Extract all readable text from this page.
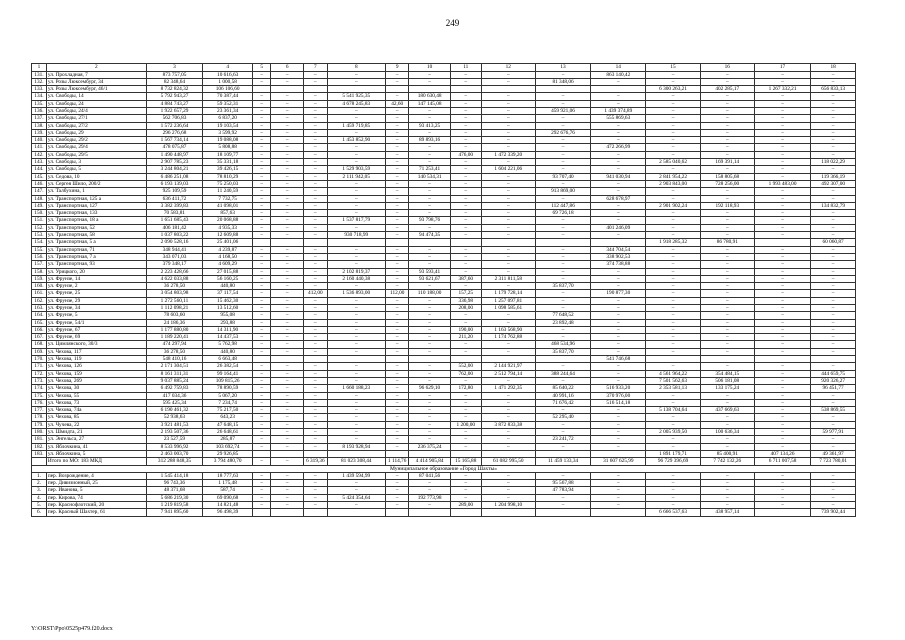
249
1	2	3	4	5	6	7	8	9	10	11	12	13	14	15	16	17	18
131.	ул. Прохладная, 7	873 757,05	10 616,63	–	–	–	–	–	–	–	–	–	863 140,42	–	–	–	–
132.	ул. Розы Люксембург, 34	82 348,64	1 000,58	–	–	–	–	–	–	–	–	81 348,06	–	–	–	–	–
133.	ул. Розы Люксембург, 46/1	8 732 824,32	106 106,60											6 300 263,21	402 285,17	1 267 332,21	656 833,13
134.	ул. Свободы, 14	5 792 943,27	70 387,44	–	–	–	5 541 925,35	–	180 630,48	–	–	–	–	–	–	–	–
135.	ул. Свободы, 24	4 884 743,27	59 352,31	–	–	–	4 678 245,83	42,60	147 145,08	–	–	–	–	–	–	–	–
136.	ул. Свободы, 24/4	1 922 657,29	23 361,34	–	–	–	–	–	–	–	–	459 921,06	1 439 374,89	–	–	–	–
137.	ул. Свободы, 27/1	562 706,83	6 837,20	–	–	–	–	–	–	–	–	–	555 869,63	–	–	–	–
138.	ул. Свободы, 27/2	1 572 236,64	19 103,54	–	–	–	1 459 719,85	–	93 413,25	–	–	–	–	–	–	–	–
139.	ул. Свободы, 29	296 276,68	3 599,92	–	–	–	–	–	–	–	–	292 676,76	–	–	–	–	–
140.	ул. Свободы, 29/2	1 567 734,14	19 088,08	–	–	–	1 453 852,90	–	89 893,16	–	–	–	–	–	–	–	–
141.	ул. Свободы, 29/4	478 075,87	5 808,88	–	–	–	–	–	–	–	–	–	472 266,99	–	–	–	–
142.	ул. Свободы, 29/5	1 490 448,97	18 109,77	–	–	–	–	–	–	476,00	1 472 339,20	–	–	–	–	–	–
143.	ул. Свободы, 3	2 907 785,23	35 331,18	–	–	–	–	–	–	–	–	–	–	2 585 040,62	169 391,14	–	118 022,29
144.	ул. Свободы, 5	3 244 804,21	39 426,15	–	–	–	1 529 903,59	–	71 253,41	–	1 604 221,06	–	–	–	–	–	–
145.	ул. Седова, 10	6 486 251,08	78 810,29	–	–	–	2 111 942,05	–	140 534,31	–	–	93 707,40	941 030,94	2 841 954,22	158 805,68	–	119 366,19
146.	ул. Сергея Шило, 200/2	6 193 139,03	75 250,03	–	–	–	–	–	–	–	–	–	–	2 903 843,00	728 256,00	1 993 483,00	492 307,00
147.	ул. Талбухина, 1	925 109,59	11 240,59	–	–	–	–	–	–	–	–	913 869,00	–	–	–	–	–
148.	ул. Транспортная, 125 а	636 411,72	7 732,75	–	–	–	–	–	–	–	–	–	628 678,97	–	–	–	–
149.	ул. Транспортная, 127	3 382 399,83	41 098,01	–	–	–	–	–	–	–	–	112 447,86	–	2 901 902,24	192 118,93	–	134 832,79
150.	ул. Транспортная, 133	70 583,81	857,63	–	–	–	–	–	–	–	–	69 726,18	–	–	–	–	–
151.	ул. Транспортная, 18 а	1 651 685,43	20 068,88	–	–	–	1 537 817,79	–	93 798,76	–	–	–	–	–	–	–	–
152.	ул. Транспортная, 52	406 181,42	4 935,33	–	–	–	–	–	–	–	–	–	401 246,09	–	–	–	–
153.	ул. Транспортная, 58	1 037 803,22	12 609,88	–	–	–	930 718,99	–	94 474,35	–	–	–	–	–	–	–	–
154.	ул. Транспортная, 5 а	2 090 528,16	25 401,06											1 918 285,32	86 780,91		60 060,87
155.	ул. Транспортная, 71	348 944,41	4 239,87	–	–	–	–	–	–	–	–	–	344 704,54	–	–	–	–
156.	ул. Транспортная, 7 а	343 071,03	4 168,50	–	–	–	–	–	–	–	–	–	338 902,53	–	–	–	–
157.	ул. Транспортная, 93	379 348,17	4 609,29	–	–	–	–	–	–	–	–	–	374 738,88	–	–	–	–
158.	ул. Урицкого, 20	2 223 428,66	27 015,88	–	–	–	2 102 819,37	–	93 593,41	–	–	–	–	–	–	–	–
159.	ул. Фрунзе, 14	4 622 033,88	56 160,25	–	–	–	2 160 440,38	–	93 621,67	387,60	2 311 811,58	–	–	–	–	–	–
160.	ул. Фрунзе, 2	36 278,50	440,80	–	–	–	–	–	–	–	–	35 837,70	–	–	–	–	–
161.	ул. Фрунзе, 25	3 054 803,98	37 117,54	–	–	412,00	1 536 893,00	112,00	110 188,00	157,25	1 179 728,14	–	190 877,30	–	–	–	–
162.	ул. Фрунзе, 29	1 272 560,11	15 462,30	–	–	–	–	–	–	336,98	1 257 097,81	–	–	–	–	–	–
163.	ул. Фрунзе, 34	1 112 098,21	13 512,60	–	–	–	–	–	–	208,00	1 098 585,61	–	–	–	–	–	–
164.	ул. Фрунзе, 5	78 603,60	955,08	–	–	–	–	–	–	–	–	77 648,52	–	–	–	–	–
165.	ул. Фрунзе, 54/1	24 186,36	293,88	–	–	–	–	–	–	–	–	23 892,48	–	–	–	–	–
166.	ул. Фрунзе, 67	1 177 880,80	14 311,90	–	–	–	–	–	–	190,00	1 163 568,90	–	–	–	–	–	–
167.	ул. Фрунзе, 69	1 189 220,41	14 437,53	–	–	–	–	–	–	211,20	1 174 762,88	–	–	–	–	–	–
168.	ул. Цимлянского, 30/3	474 297,94	5 762,98	–	–	–	–	–	–	–	–	468 534,96	–	–	–	–	–
169.	ул. Чехова, 117	36 278,50	440,80	–	–	–	–	–	–	–	–	35 837,70	–	–	–	–	–
170.	ул. Чехова, 119	548 410,16	6 663,48										541 746,68				
171.	ул. Чехова, 126	2 171 304,51	26 382,54	–	–	–	–	–	–	552,00	2 144 921,97	–	–	–	–	–	–
172.	ул. Чехова, 159	8 161 311,31	99 164,41	–	–	–	–	–	–	762,00	2 512 794,14	388 244,64	–	4 561 964,22	354 484,15	–	444 659,75
173.	ул. Чехова, 269	9 037 885,24	109 815,26	–	–	–	–	–	–	–	–	–	–	7 501 562,63	506 181,08	–	920 326,27
174.	ул. Чехова, 30	6 492 759,83	78 890,59	–	–	–	1 660 188,23	–	96 629,10	172,80	1 471 292,35	85 640,22	516 933,20	2 353 581,13	133 175,24	–	96 451,77
175.	ул. Чехова, 55	417 034,36	5 067,20	–	–	–	–	–	–	–	–	40 991,16	370 976,00	–	–	–	–
176.	ул. Чехова, 73	595 425,34	7 234,74	–	–	–	–	–	–	–	–	71 676,42	516 514,18	–	–	–	–
177.	ул. Чехова, 74а	6 190 461,32	75 217,50	–	–	–	–	–	–	–	–	–	–	5 138 704,64	437 669,63	–	538 869,55
178.	ул. Чехова, 85	52 938,63	643,23	–	–	–	–	–	–	–	–	52 295,40	–	–	–	–	–
179.	ул. Чучева, 22	3 921 481,53	47 648,15	–	–	–	–	–	–	1 200,00	3 872 833,38	–	–	–	–	–	–
180.	ул. Шмидта, 21	2 193 507,36	26 648,61	–	–	–	–	–	–	–	–	–	–	2 005 939,50	100 636,34	–	59 977,91
181.	ул. Энгельса, 27	23 527,59	285,87	–	–	–	–	–	–	–	–	23 241,72	–	–	–	–	–
182.	ул. Яблочкина, 41	8 533 996,92	103 692,74	–	–	–	8 193 928,94	–	236 375,24	–	–	–	–	–	–	–	–
183.	ул. Яблочкина, 5	2 463 003,70	29 926,85											1 891 179,71	85 400,91	407 134,26	49 361,97
	Итого по МО: 183 МКД	312 288 848,35	3 794 480,70	–	–	6 319,36	81 023 308,44	1 114,76	4 414 905,84	15 165,88	61 082 995,50	11 459 133,34	31 607 625,99	96 729 396,69	7 742 132,26	6 711 007,58	7 723 780,01
Муниципальное образование «Город Шахты»																	
1.	пер. Возрождение, 4	1 545 414,18	18 777,63	–	–	–	1 439 594,99	–	87 041,56	–	–	–	–	–	–	–	–
2.	пер. Дивизионный, 25	96 743,36	1 175,48	–	–	–	–	–	–	–	–	95 567,88	–	–	–	–	–
3.	пер. Иванова, 5	48 371,68	587,74	–	–	–	–	–	–	–	–	47 783,94	–	–	–	–	–
4.	пер. Кирова, 74	5 686 219,30	69 090,68	–	–	–	5 424 354,64	–	192 773,98	–	–	–	–	–	–	–	–
5.	пер. Краснофлотский, 20	1 219 819,58	14 821,48	–	–	–	–	–	–	289,00	1 204 998,10	–	–	–	–	–	–
6.	пер. Красный Шахтер, 61	7 941 895,60	96 498,39											6 666 537,63	438 957,14		739 902,44
Y:\ORST\Ppo\0525p479.f20.docx
